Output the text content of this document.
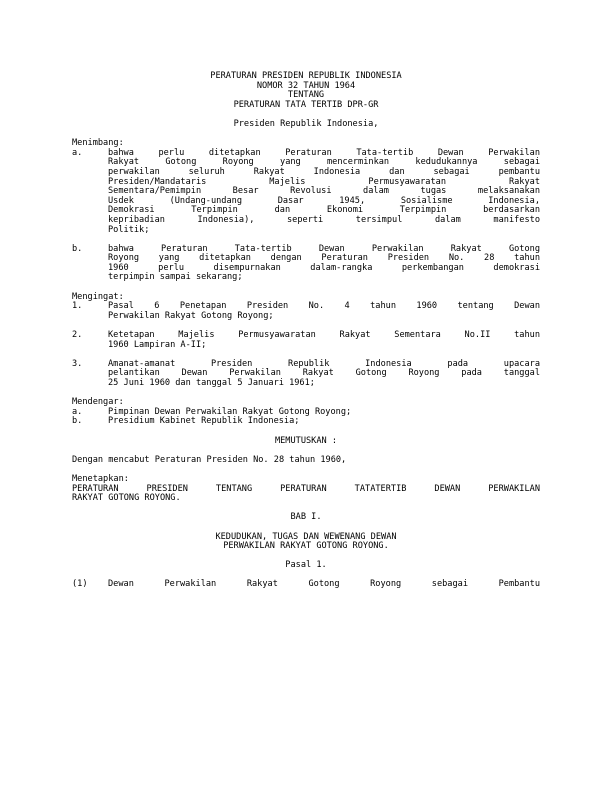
PERATURAN PRESIDEN REPUBLIK INDONESIA
NOMOR 32 TAHUN 1964
TENTANG
PERATURAN TATA TERTIB DPR-GR
Presiden Republik Indonesia,
Menimbang:
a.	bahwa perlu ditetapkan Peraturan Tata-tertib Dewan Perwakilan
Rakyat Gotong Royong yang mencerminkan kedudukannya sebagai
perwakilan seluruh Rakyat Indonesia dan sebagai pembantu
Presiden/Mandataris Majelis Permusyawaratan Rakyat
Sementara/Pemimpin Besar Revolusi dalam tugas melaksanakan
Usdek (Undang-undang Dasar 1945, Sosialisme Indonesia,
Demokrasi Terpimpin dan Ekonomi Terpimpin berdasarkan
kepribadian Indonesia), seperti tersimpul dalam manifesto
Politik;
b.	bahwa Peraturan Tata-tertib Dewan Perwakilan Rakyat Gotong
Royong yang ditetapkan dengan Peraturan Presiden No. 28 tahun
1960 perlu disempurnakan dalam-rangka perkembangan demokrasi
terpimpin sampai sekarang;
Mengingat:
1.	Pasal 6 Penetapan Presiden No. 4 tahun 1960 tentang Dewan
Perwakilan Rakyat Gotong Royong;
2.	Ketetapan Majelis Permusyawaratan Rakyat Sementara No.II tahun
1960 Lampiran A-II;
3.	Amanat-amanat Presiden Republik Indonesia pada upacara
pelantikan Dewan Perwakilan Rakyat Gotong Royong pada tanggal
25 Juni 1960 dan tanggal 5 Januari 1961;
Mendengar:
a.	Pimpinan Dewan Perwakilan Rakyat Gotong Royong;
b.	Presidium Kabinet Republik Indonesia;
MEMUTUSKAN :
Dengan mencabut Peraturan Presiden No. 28 tahun 1960,
Menetapkan:
PERATURAN PRESIDEN TENTANG PERATURAN TATATERTIB DEWAN PERWAKILAN
RAKYAT GOTONG ROYONG.
BAB I.
KEDUDUKAN, TUGAS DAN WEWENANG DEWAN
PERWAKILAN RAKYAT GOTONG ROYONG.
Pasal 1.
(1)	Dewan Perwakilan Rakyat Gotong Royong sebagai Pembantu
